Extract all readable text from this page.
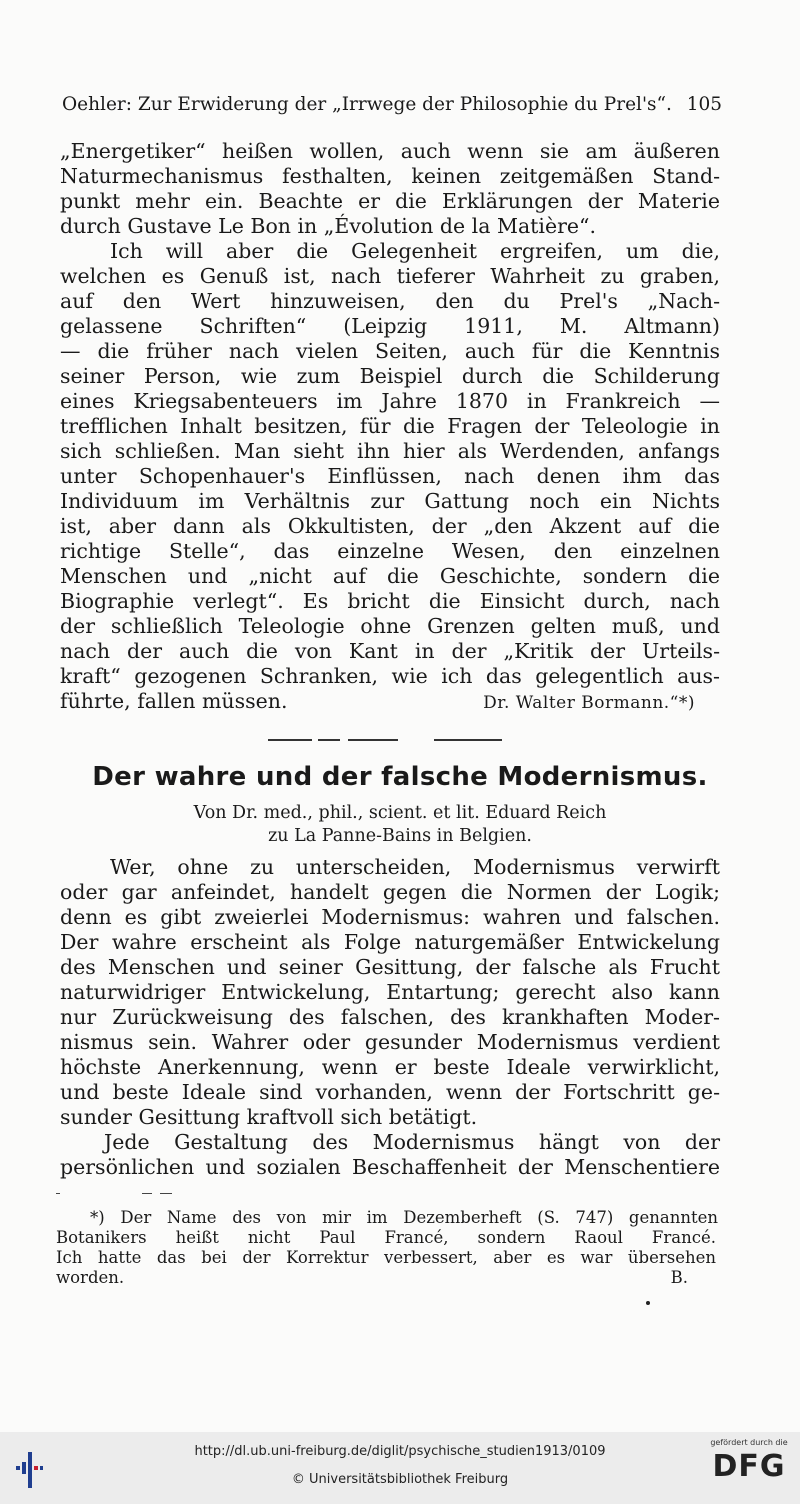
Oehler: Zur Erwiderung der „Irrwege der Philosophie du Prel's“. 105
„Energetiker“ heißen wollen, auch wenn sie am äußeren
Naturmechanismus festhalten, keinen zeitgemäßen Stand-
punkt mehr ein. Beachte er die Erklärungen der Materie
durch Gustave Le Bon in „Évolution de la Matière“.
Ich will aber die Gelegenheit ergreifen, um die,
welchen es Genuß ist, nach tieferer Wahrheit zu graben,
auf den Wert hinzuweisen, den du Prel's „Nach-
gelassene Schriften“ (Leipzig 1911, M. Altmann)
— die früher nach vielen Seiten, auch für die Kenntnis
seiner Person, wie zum Beispiel durch die Schilderung
eines Kriegsabenteuers im Jahre 1870 in Frankreich —
trefflichen Inhalt besitzen, für die Fragen der Teleologie in
sich schließen. Man sieht ihn hier als Werdenden, anfangs
unter Schopenhauer's Einflüssen, nach denen ihm das
Individuum im Verhältnis zur Gattung noch ein Nichts
ist, aber dann als Okkultisten, der „den Akzent auf die
richtige Stelle“, das einzelne Wesen, den einzelnen
Menschen und „nicht auf die Geschichte, sondern die
Biographie verlegt“. Es bricht die Einsicht durch, nach
der schließlich Teleologie ohne Grenzen gelten muß, und
nach der auch die von Kant in der „Kritik der Urteils-
kraft“ gezogenen Schranken, wie ich das gelegentlich aus-
führte, fallen müssen.	Dr. Walter Bormann.“*)
Der wahre und der falsche Modernismus.
Von Dr. med., phil., scient. et lit. Eduard Reich
zu La Panne-Bains in Belgien.
Wer, ohne zu unterscheiden, Modernismus verwirft
oder gar anfeindet, handelt gegen die Normen der Logik;
denn es gibt zweierlei Modernismus: wahren und falschen.
Der wahre erscheint als Folge naturgemäßer Entwickelung
des Menschen und seiner Gesittung, der falsche als Frucht
naturwidriger Entwickelung, Entartung; gerecht also kann
nur Zurückweisung des falschen, des krankhaften Moder-
nismus sein. Wahrer oder gesunder Modernismus verdient
höchste Anerkennung, wenn er beste Ideale verwirklicht,
und beste Ideale sind vorhanden, wenn der Fortschritt ge-
sunder Gesittung kraftvoll sich betätigt.
Jede Gestaltung des Modernismus hängt von der
persönlichen und sozialen Beschaffenheit der Menschentiere
*) Der Name des von mir im Dezemberheft (S. 747) genannten
Botanikers heißt nicht Paul Francé, sondern Raoul Francé.
Ich hatte das bei der Korrektur verbessert, aber es war übersehen
worden.	B.
http://dl.ub.uni-freiburg.de/diglit/psychische_studien1913/0109
© Universitätsbibliothek Freiburg
gefördert durch die
DFG
